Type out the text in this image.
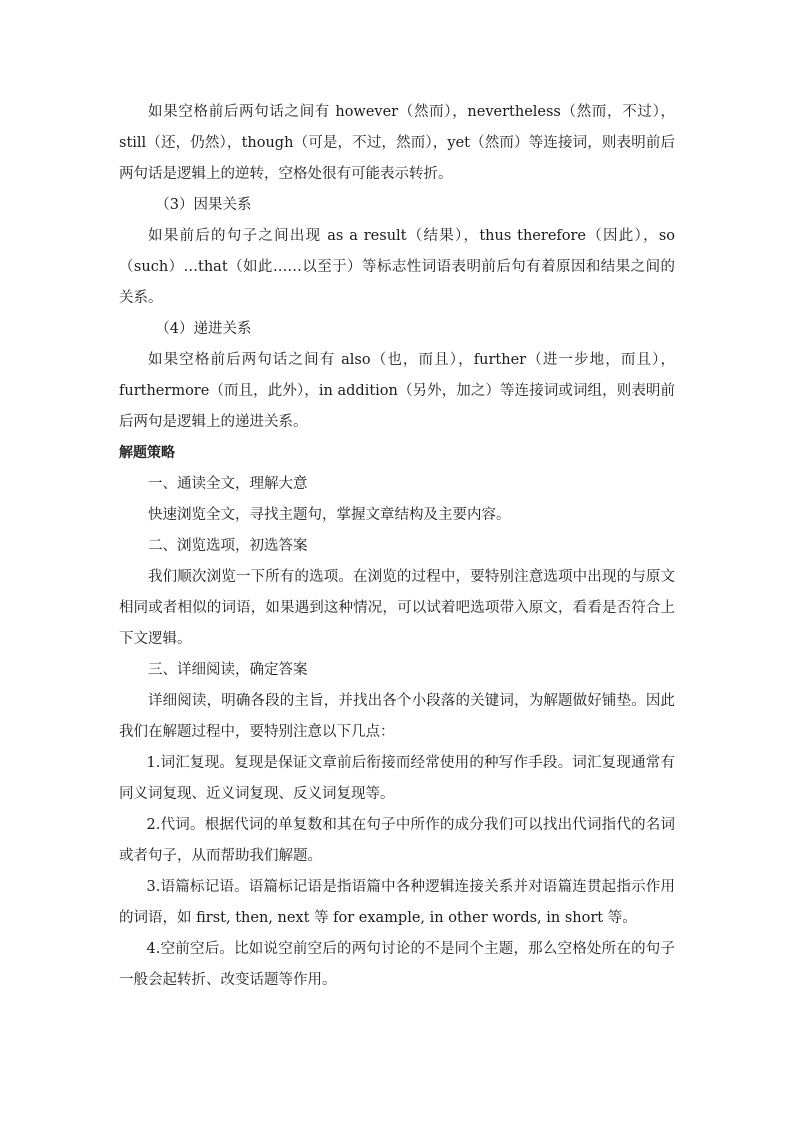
如果空格前后两句话之间有 however（然而），nevertheless（然而，不过），still（还，仍然），though（可是，不过，然而），yet（然而）等连接词，则表明前后两句话是逻辑上的逆转，空格处很有可能表示转折。

（3）因果关系

如果前后的句子之间出现 as a result（结果），thus therefore（因此），so（such）…that（如此……以至于）等标志性词语表明前后句有着原因和结果之间的关系。

（4）递进关系

如果空格前后两句话之间有 also（也，而且），further（进一步地，而且），furthermore（而且，此外），in addition（另外，加之）等连接词或词组，则表明前后两句是逻辑上的递进关系。

解题策略

一、通读全文，理解大意

快速浏览全文，寻找主题句，掌握文章结构及主要内容。

二、浏览选项，初选答案

我们顺次浏览一下所有的选项。在浏览的过程中，要特别注意选项中出现的与原文相同或者相似的词语，如果遇到这种情况，可以试着吧选项带入原文，看看是否符合上下文逻辑。

三、详细阅读，确定答案

详细阅读，明确各段的主旨，并找出各个小段落的关键词，为解题做好铺垫。因此我们在解题过程中，要特别注意以下几点：

1.词汇复现。复现是保证文章前后衔接而经常使用的种写作手段。词汇复现通常有同义词复现、近义词复现、反义词复现等。

2.代词。根据代词的单复数和其在句子中所作的成分我们可以找出代词指代的名词或者句子，从而帮助我们解题。

3.语篇标记语。语篇标记语是指语篇中各种逻辑连接关系并对语篇连贯起指示作用的词语，如 first, then, next 等 for example, in other words, in short 等。

4.空前空后。比如说空前空后的两句讨论的不是同个主题，那么空格处所在的句子一般会起转折、改变话题等作用。
